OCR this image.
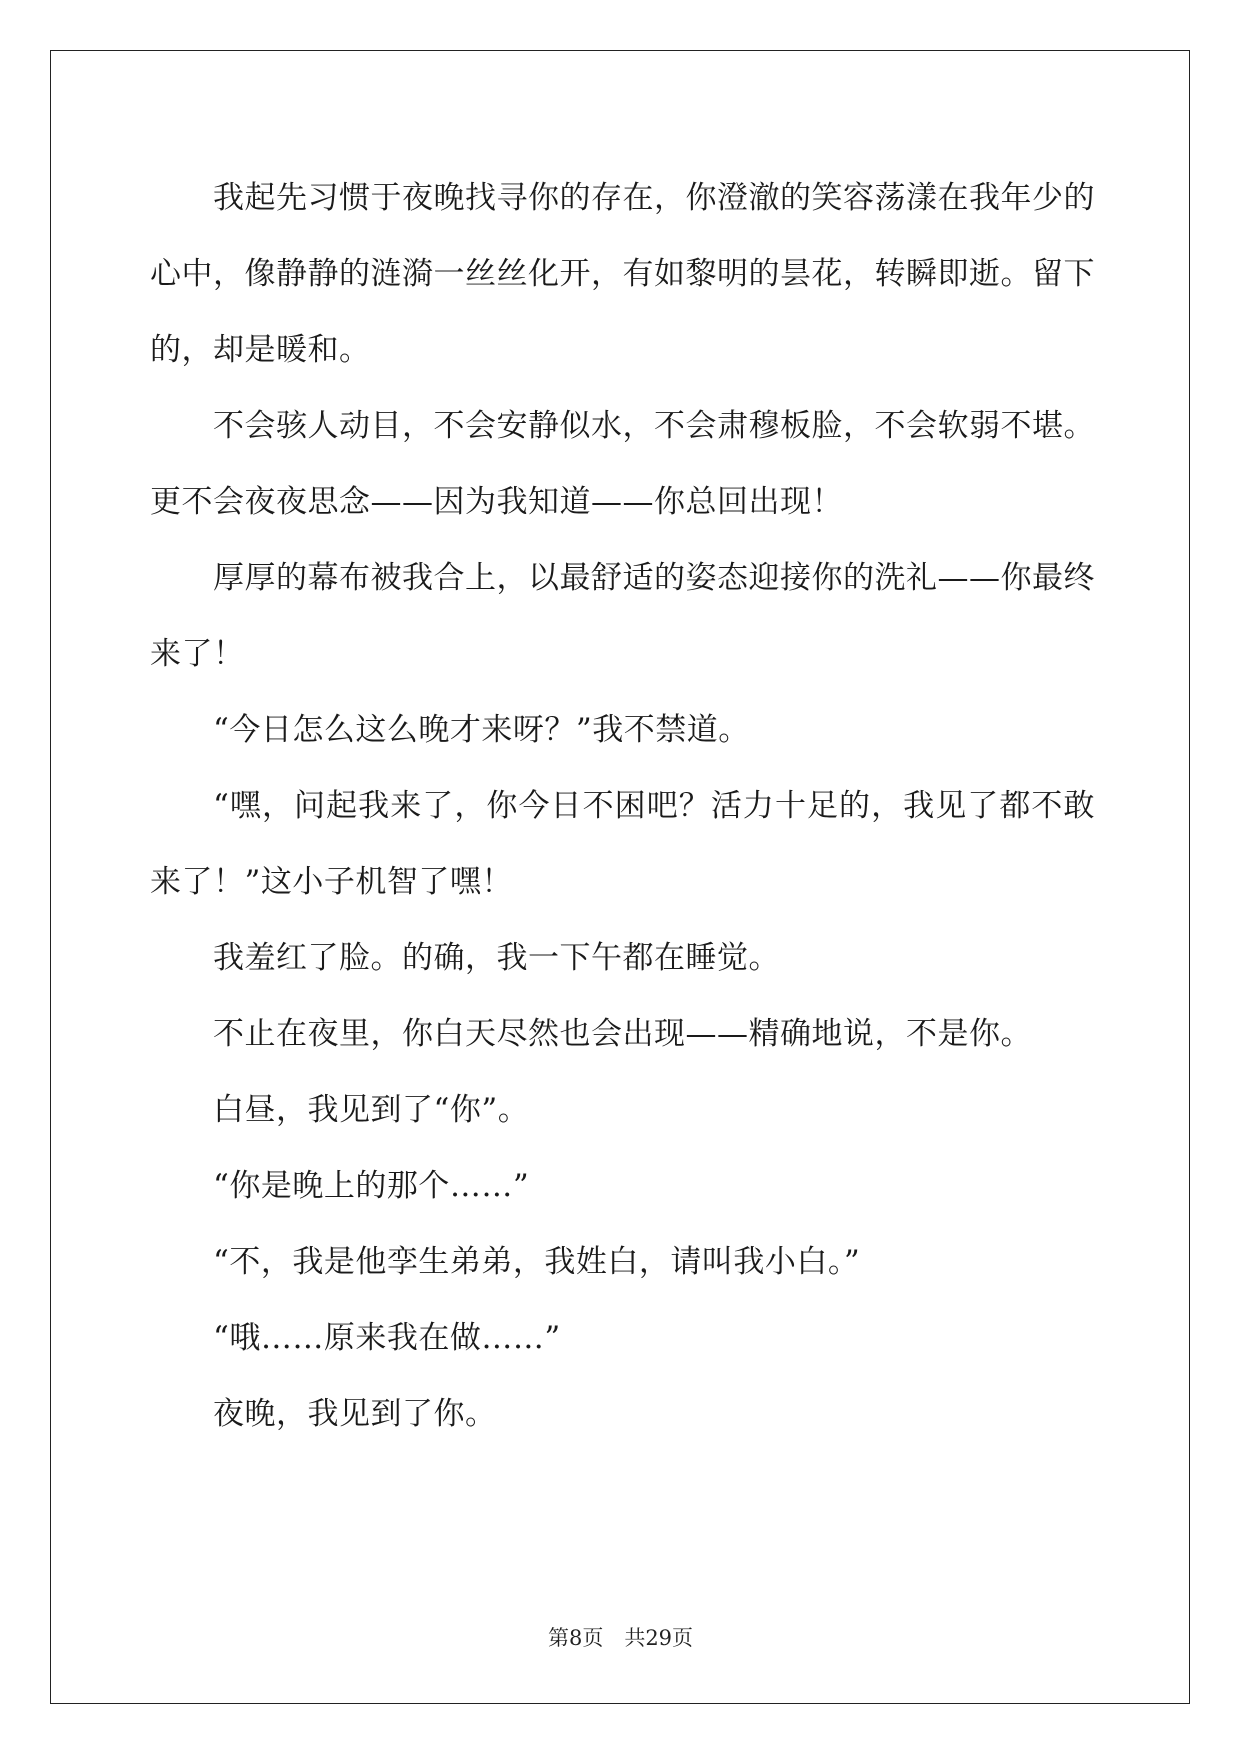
我起先习惯于夜晚找寻你的存在，你澄澈的笑容荡漾在我年少的
心中，像静静的涟漪一丝丝化开，有如黎明的昙花，转瞬即逝。留下
的，却是暖和。
不会骇人动目，不会安静似水，不会肃穆板脸，不会软弱不堪。
更不会夜夜思念——因为我知道——你总回出现！
厚厚的幕布被我合上，以最舒适的姿态迎接你的洗礼——你最终
来了！
“今日怎么这么晚才来呀？”我不禁道。
“嘿，问起我来了，你今日不困吧？活力十足的，我见了都不敢
来了！”这小子机智了嘿！
我羞红了脸。的确，我一下午都在睡觉。
不止在夜里，你白天尽然也会出现——精确地说，不是你。
白昼，我见到了“你”。
“你是晚上的那个……”
“不，我是他孪生弟弟，我姓白，请叫我小白。”
“哦……原来我在做……”
夜晚，我见到了你。
第8页　共29页
